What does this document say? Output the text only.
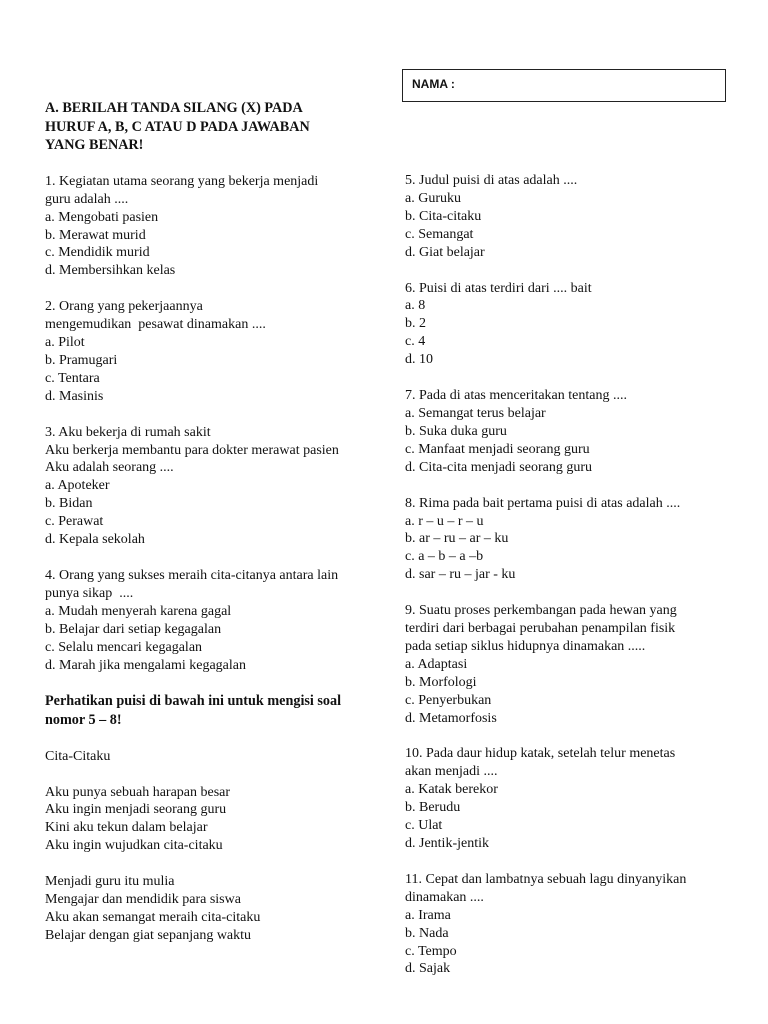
NAMA :
A. BERILAH TANDA SILANG (X) PADA
HURUF A, B, C ATAU D PADA JAWABAN
YANG BENAR!
1. Kegiatan utama seorang yang bekerja menjadi
guru adalah ....
a. Mengobati pasien
b. Merawat murid
c. Mendidik murid
d. Membersihkan kelas
2. Orang yang pekerjaannya
mengemudikan  pesawat dinamakan ....
a. Pilot
b. Pramugari
c. Tentara
d. Masinis
3. Aku bekerja di rumah sakit
Aku berkerja membantu para dokter merawat pasien
Aku adalah seorang ....
a. Apoteker
b. Bidan
c. Perawat
d. Kepala sekolah
4. Orang yang sukses meraih cita-citanya antara lain
punya sikap  ....
a. Mudah menyerah karena gagal
b. Belajar dari setiap kegagalan
c. Selalu mencari kegagalan
d. Marah jika mengalami kegagalan
Perhatikan puisi di bawah ini untuk mengisi soal
nomor 5 – 8!
Cita-Citaku
Aku punya sebuah harapan besar
Aku ingin menjadi seorang guru
Kini aku tekun dalam belajar
Aku ingin wujudkan cita-citaku
Menjadi guru itu mulia
Mengajar dan mendidik para siswa
Aku akan semangat meraih cita-citaku
Belajar dengan giat sepanjang waktu
5. Judul puisi di atas adalah ....
a. Guruku
b. Cita-citaku
c. Semangat
d. Giat belajar
6. Puisi di atas terdiri dari .... bait
a. 8
b. 2
c. 4
d. 10
7. Pada di atas menceritakan tentang ....
a. Semangat terus belajar
b. Suka duka guru
c. Manfaat menjadi seorang guru
d. Cita-cita menjadi seorang guru
8. Rima pada bait pertama puisi di atas adalah ....
a. r – u – r – u
b. ar – ru – ar – ku
c. a – b – a –b
d. sar – ru – jar - ku
9. Suatu proses perkembangan pada hewan yang
terdiri dari berbagai perubahan penampilan fisik
pada setiap siklus hidupnya dinamakan .....
a. Adaptasi
b. Morfologi
c. Penyerbukan
d. Metamorfosis
10. Pada daur hidup katak, setelah telur menetas
akan menjadi ....
a. Katak berekor
b. Berudu
c. Ulat
d. Jentik-jentik
11. Cepat dan lambatnya sebuah lagu dinyanyikan
dinamakan ....
a. Irama
b. Nada
c. Tempo
d. Sajak
